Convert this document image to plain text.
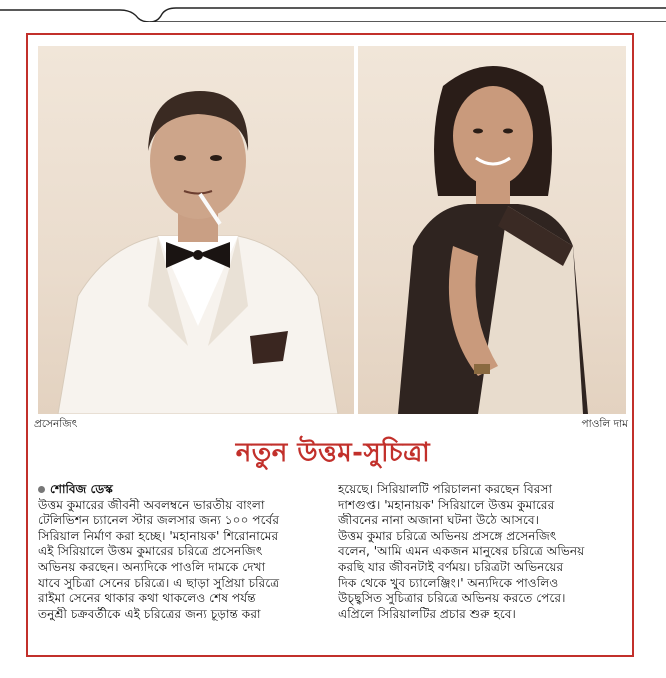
প্রসেনজিৎ	পাওলি দাম
নতুন উত্তম-সুচিত্রা
শোবিজ ডেস্ক
উত্তম কুমারের জীবনী অবলম্বনে ভারতীয় বাংলা
টেলিভিশন চ্যানেল স্টার জলসার জন্য ১০০ পর্বের
সিরিয়াল নির্মাণ করা হচ্ছে। 'মহানায়ক' শিরোনামের
এই সিরিয়ালে উত্তম কুমারের চরিত্রে প্রসেনজিৎ
অভিনয় করছেন। অন্যদিকে পাওলি দামকে দেখা
যাবে সুচিত্রা সেনের চরিত্রে। এ ছাড়া সুপ্রিয়া চরিত্রে
রাইমা সেনের থাকার কথা থাকলেও শেষ পর্যন্ত
তনুশ্রী চক্রবর্তীকে এই চরিত্রের জন্য চূড়ান্ত করা
হয়েছে। সিরিয়ালটি পরিচালনা করছেন বিরসা
দাশগুপ্ত। 'মহানায়ক' সিরিয়ালে উত্তম কুমারের
জীবনের নানা অজানা ঘটনা উঠে আসবে।
উত্তম কুমার চরিত্রে অভিনয় প্রসঙ্গে প্রসেনজিৎ
বলেন, 'আমি এমন একজন মানুষের চরিত্রে অভিনয়
করছি যার জীবনটাই বর্ণময়। চরিত্রটা অভিনয়ের
দিক থেকে খুব চ্যালেঞ্জিং।' অন্যদিকে পাওলিও
উচ্ছ্বসিত সুচিত্রার চরিত্রে অভিনয় করতে পেরে।
এপ্রিলে সিরিয়ালটির প্রচার শুরু হবে।
